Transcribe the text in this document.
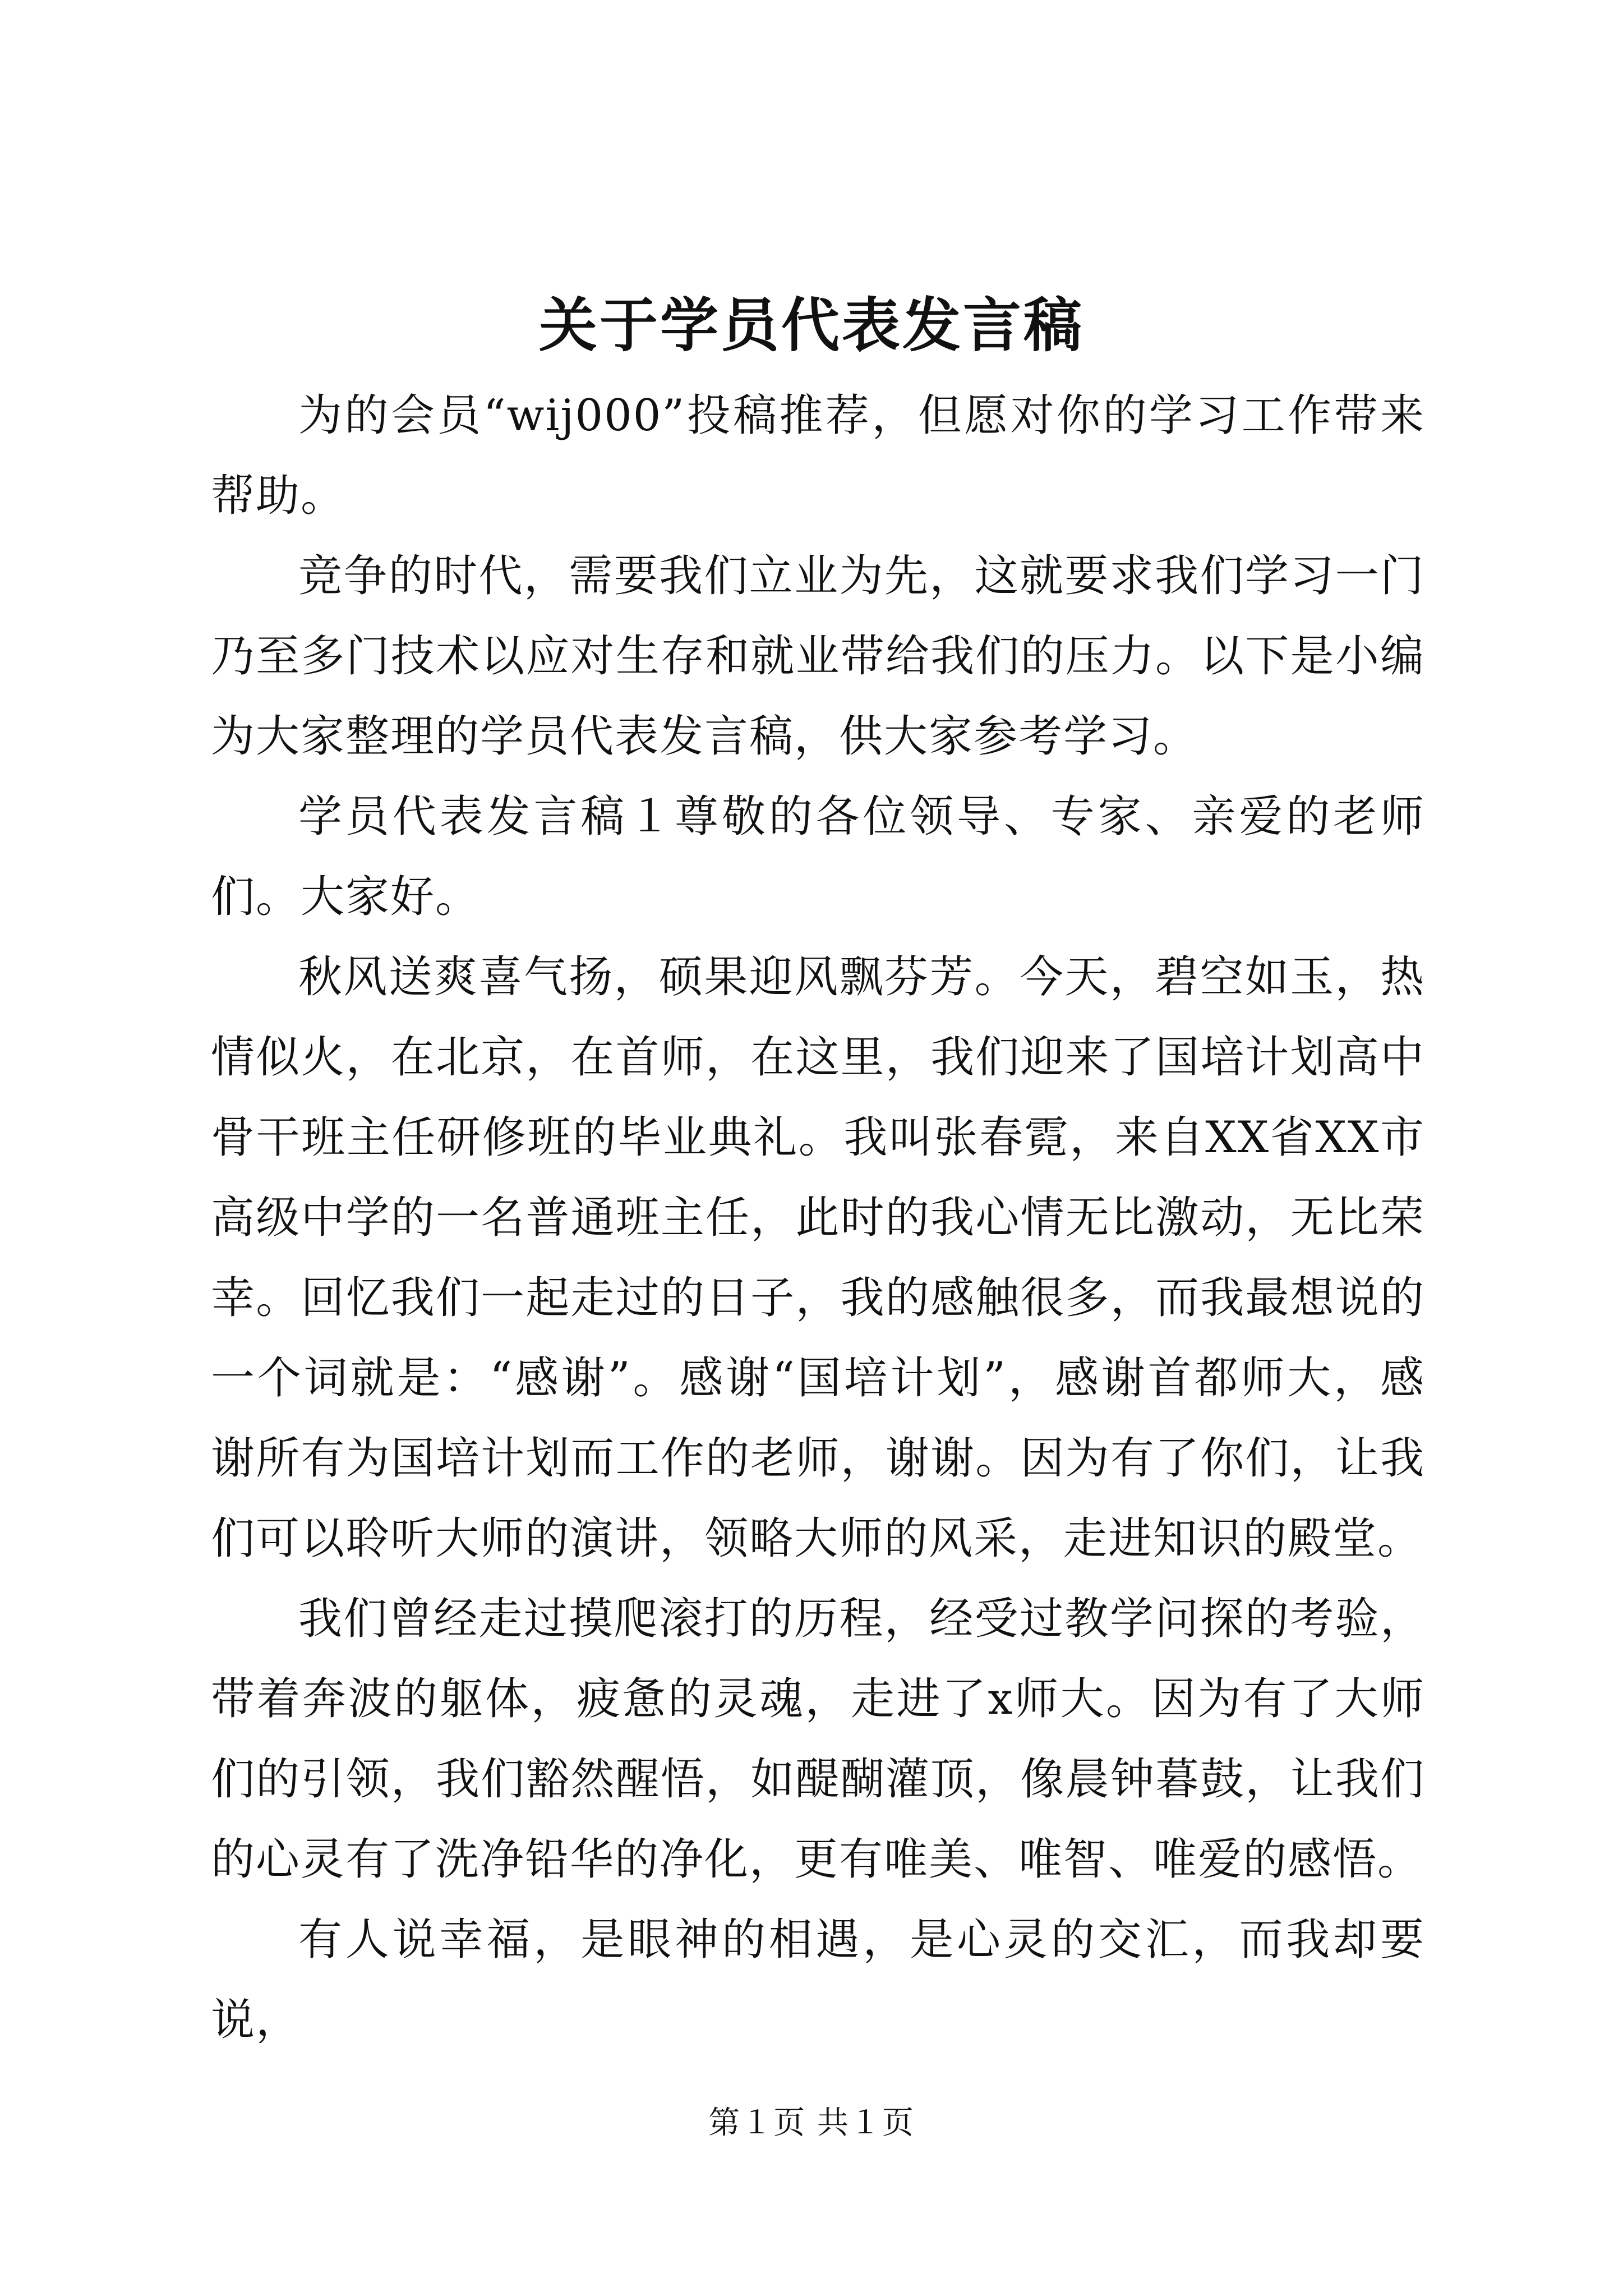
关于学员代表发言稿

为的会员“wij000”投稿推荐，但愿对你的学习工作带来帮助。

竞争的时代，需要我们立业为先，这就要求我们学习一门乃至多门技术以应对生存和就业带给我们的压力。以下是小编为大家整理的学员代表发言稿，供大家参考学习。

学员代表发言稿１尊敬的各位领导、专家、亲爱的老师们。大家好。

秋风送爽喜气扬，硕果迎风飘芬芳。今天，碧空如玉，热情似火，在北京，在首师，在这里，我们迎来了国培计划高中骨干班主任研修班的毕业典礼。我叫张春霓，来自XX省XX市高级中学的一名普通班主任，此时的我心情无比激动，无比荣幸。回忆我们一起走过的日子，我的感触很多，而我最想说的一个词就是：“感谢”。感谢“国培计划”，感谢首都师大，感谢所有为国培计划而工作的老师，谢谢。因为有了你们，让我们可以聆听大师的演讲，领略大师的风采，走进知识的殿堂。

我们曾经走过摸爬滚打的历程，经受过教学问探的考验，带着奔波的躯体，疲惫的灵魂，走进了x师大。因为有了大师们的引领，我们豁然醒悟，如醍醐灌顶，像晨钟暮鼓，让我们的心灵有了洗净铅华的净化，更有唯美、唯智、唯爱的感悟。

有人说幸福，是眼神的相遇，是心灵的交汇，而我却要说，

第１页 共１页
